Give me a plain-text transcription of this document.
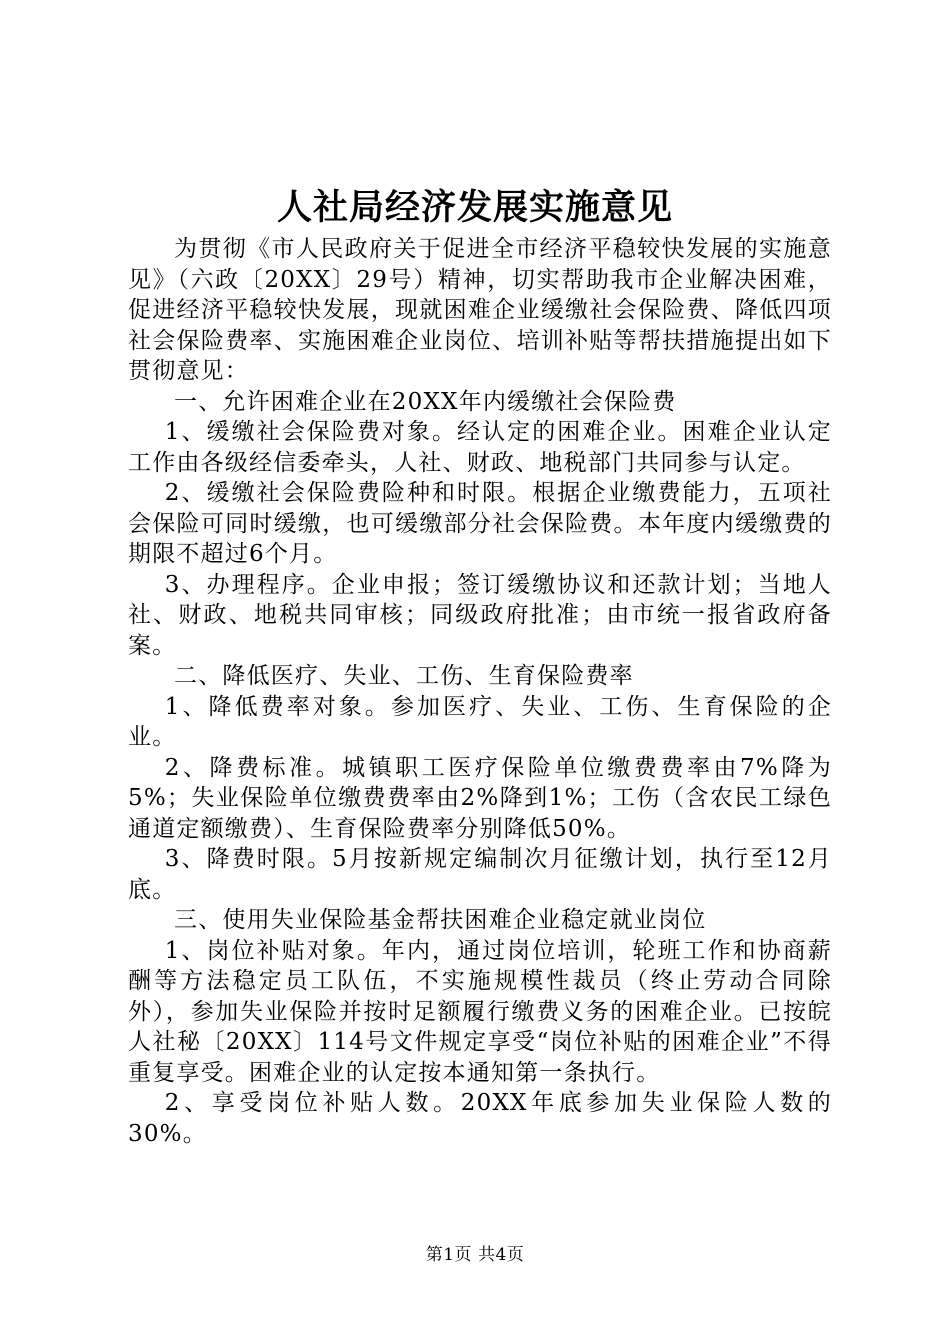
人社局经济发展实施意见

为贯彻《市人民政府关于促进全市经济平稳较快发展的实施意见》（六政〔20XX〕29号）精神，切实帮助我市企业解决困难，促进经济平稳较快发展，现就困难企业缓缴社会保险费、降低四项社会保险费率、实施困难企业岗位、培训补贴等帮扶措施提出如下贯彻意见：

一、允许困难企业在20XX年内缓缴社会保险费

1、缓缴社会保险费对象。经认定的困难企业。困难企业认定工作由各级经信委牵头，人社、财政、地税部门共同参与认定。

2、缓缴社会保险费险种和时限。根据企业缴费能力，五项社会保险可同时缓缴，也可缓缴部分社会保险费。本年度内缓缴费的期限不超过6个月。

3、办理程序。企业申报；签订缓缴协议和还款计划；当地人社、财政、地税共同审核；同级政府批准；由市统一报省政府备案。

二、降低医疗、失业、工伤、生育保险费率

1、降低费率对象。参加医疗、失业、工伤、生育保险的企业。

2、降费标准。城镇职工医疗保险单位缴费费率由7%降为5%；失业保险单位缴费费率由2%降到1%；工伤（含农民工绿色通道定额缴费）、生育保险费率分别降低50%。

3、降费时限。5月按新规定编制次月征缴计划，执行至12月底。

三、使用失业保险基金帮扶困难企业稳定就业岗位

1、岗位补贴对象。年内，通过岗位培训，轮班工作和协商薪酬等方法稳定员工队伍，不实施规模性裁员（终止劳动合同除外），参加失业保险并按时足额履行缴费义务的困难企业。已按皖人社秘〔20XX〕114号文件规定享受“岗位补贴的困难企业”不得重复享受。困难企业的认定按本通知第一条执行。

2、享受岗位补贴人数。20XX年底参加失业保险人数的30%。

第1页 共4页
